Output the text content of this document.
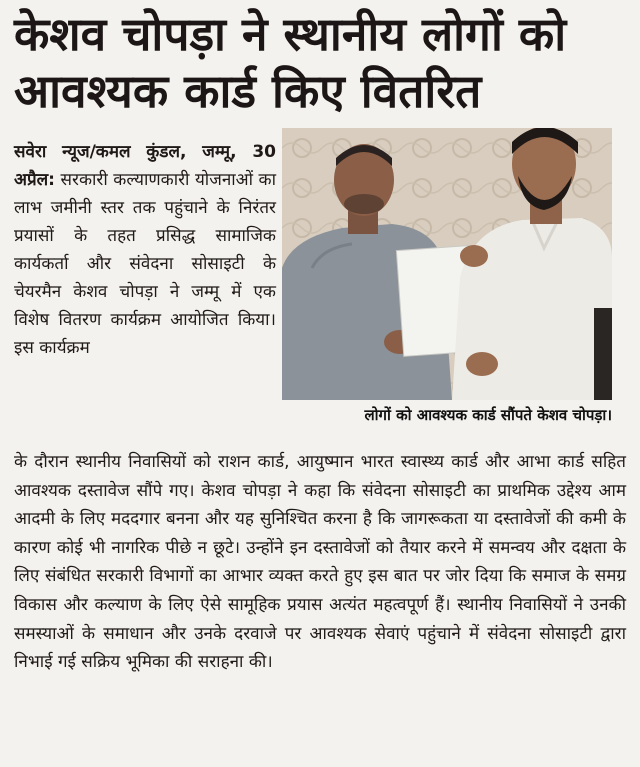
केशव चोपड़ा ने स्थानीय लोगों को आवश्यक कार्ड किए वितरित
लोगों को आवश्यक कार्ड सौंपते केशव चोपड़ा।

सवेरा न्यूज/कमल कुंडल, जम्मू, 30 अप्रैल: सरकारी कल्याणकारी योजनाओं का लाभ जमीनी स्तर तक पहुंचाने के निरंतर प्रयासों के तहत प्रसिद्ध सामाजिक कार्यकर्ता और संवेदना सोसाइटी के चेयरमैन केशव चोपड़ा ने जम्मू में एक विशेष वितरण कार्यक्रम आयोजित किया। इस कार्यक्रम

के दौरान स्थानीय निवासियों को राशन कार्ड, आयुष्मान भारत स्वास्थ्य कार्ड और आभा कार्ड सहित आवश्यक दस्तावेज सौंपे गए। केशव चोपड़ा ने कहा कि संवेदना सोसाइटी का प्राथमिक उद्देश्य आम आदमी के लिए मददगार बनना और यह सुनिश्चित करना है कि जागरूकता या दस्तावेजों की कमी के कारण कोई भी नागरिक पीछे न छूटे। उन्होंने इन दस्तावेजों को तैयार करने में समन्वय और दक्षता के लिए संबंधित सरकारी विभागों का आभार व्यक्त करते हुए इस बात पर जोर दिया कि समाज के समग्र विकास और कल्याण के लिए ऐसे सामूहिक प्रयास अत्यंत महत्वपूर्ण हैं। स्थानीय निवासियों ने उनकी समस्याओं के समाधान और उनके दरवाजे पर आवश्यक सेवाएं पहुंचाने में संवेदना सोसाइटी द्वारा निभाई गई सक्रिय भूमिका की सराहना की।
